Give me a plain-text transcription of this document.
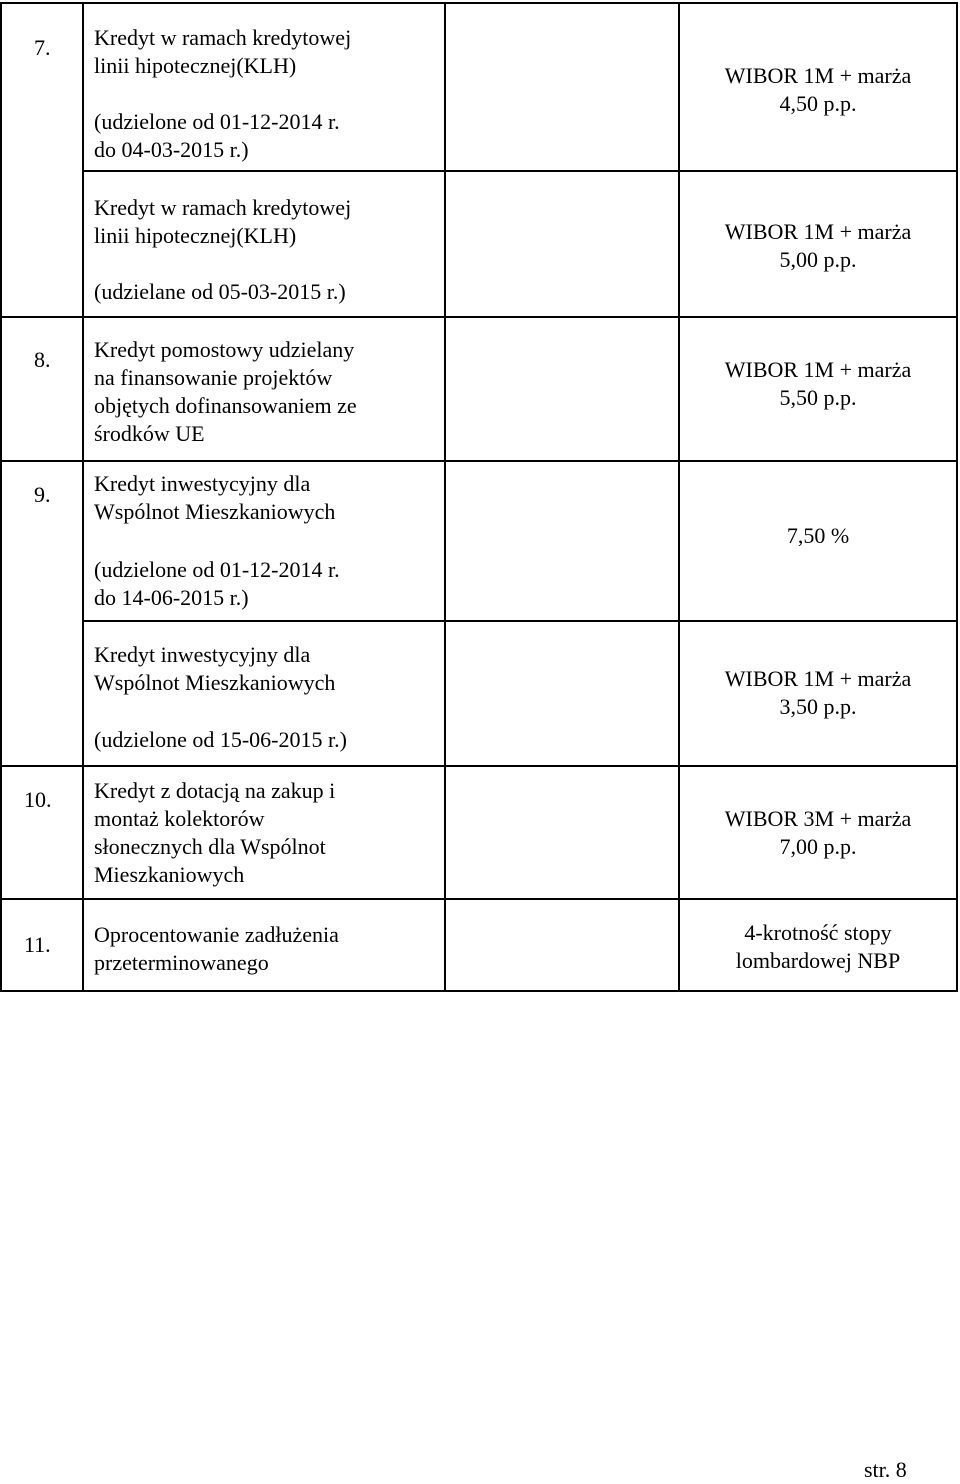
7. Kredyt w ramach kredytowej
linii hipotecznej(KLH)
(udzielone od 01-12-2014 r.
do 04-03-2015 r.)
WIBOR 1M + marża
4,50 p.p.
Kredyt w ramach kredytowej
linii hipotecznej(KLH)
(udzielane od 05-03-2015 r.)
WIBOR 1M + marża
5,00 p.p.
8. Kredyt pomostowy udzielany
na finansowanie projektów
objętych dofinansowaniem ze
środków UE
WIBOR 1M + marża
5,50 p.p.
9. Kredyt inwestycyjny dla
Wspólnot Mieszkaniowych
(udzielone od 01-12-2014 r.
do 14-06-2015 r.)
7,50 %
Kredyt inwestycyjny dla
Wspólnot Mieszkaniowych
(udzielone od 15-06-2015 r.)
WIBOR 1M + marża
3,50 p.p.
10. Kredyt z dotacją na zakup i
montaż kolektorów
słonecznych dla Wspólnot
Mieszkaniowych
WIBOR 3M + marża
7,00 p.p.
11. Oprocentowanie zadłużenia
przeterminowanego
4-krotność stopy
lombardowej NBP
str. 8
